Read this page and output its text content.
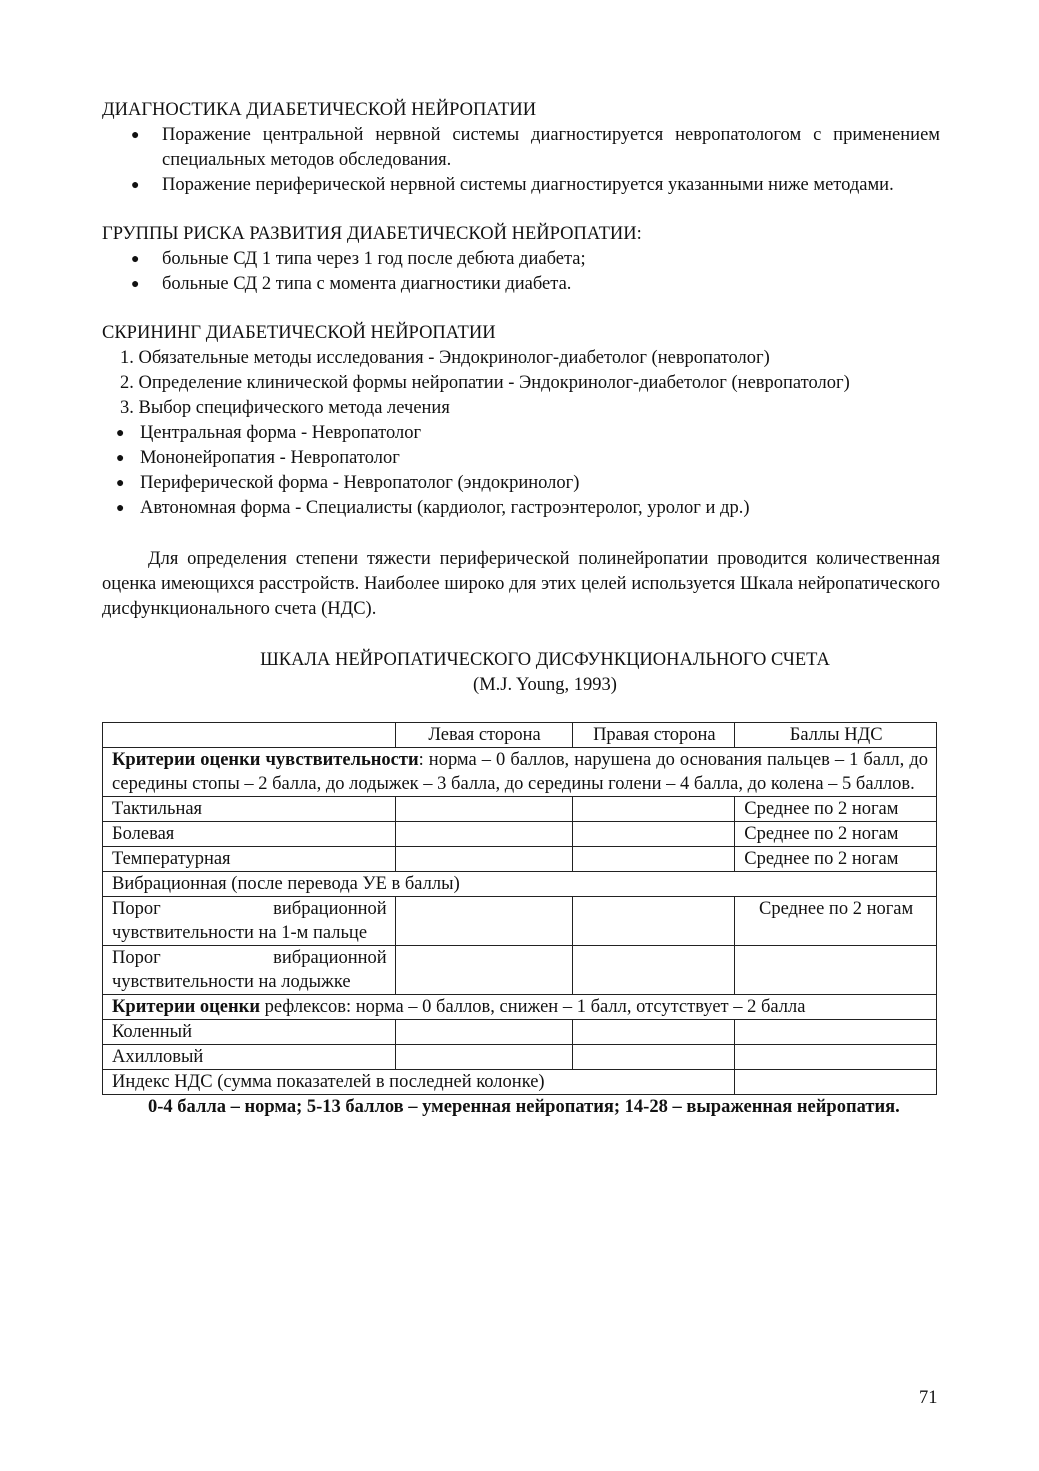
ДИАГНОСТИКА ДИАБЕТИЧЕСКОЙ НЕЙРОПАТИИ

● Поражение центральной нервной системы диагностируется невропатологом с применением специальных методов обследования.
● Поражение периферической нервной системы диагностируется указанными ниже методами.

ГРУППЫ РИСКА РАЗВИТИЯ ДИАБЕТИЧЕСКОЙ НЕЙРОПАТИИ:

● больные СД 1 типа через 1 год после дебюта диабета;
● больные СД 2 типа с момента диагностики диабета.

СКРИНИНГ ДИАБЕТИЧЕСКОЙ НЕЙРОПАТИИ

1. Обязательные методы исследования - Эндокринолог-диабетолог (невропатолог)
2. Определение клинической формы нейропатии - Эндокринолог-диабетолог (невропатолог)
3. Выбор специфического метода лечения
● Центральная форма - Невропатолог
● Мононейропатия - Невропатолог
● Периферической форма - Невропатолог (эндокринолог)
● Автономная форма - Специалисты (кардиолог, гастроэнтеролог, уролог и др.)

Для определения степени тяжести периферической полинейропатии проводится количественная оценка имеющихся расстройств. Наиболее широко для этих целей используется Шкала нейропатического дисфункционального счета (НДС).

ШКАЛА НЕЙРОПАТИЧЕСКОГО ДИСФУНКЦИОНАЛЬНОГО СЧЕТА

(M.J. Young, 1993)

	Левая сторона	Правая сторона	Баллы НДС
Критерии оценки чувствительности: норма – 0 баллов, нарушена до основания пальцев – 1 балл, до середины стопы – 2 балла, до лодыжек – 3 балла, до середины голени – 4 балла, до колена – 5 баллов.			
Тактильная			Среднее по 2 ногам
Болевая			Среднее по 2 ногам
Температурная			Среднее по 2 ногам
Вибрационная (после перевода УЕ в баллы)			
Порог вибрационной чувствительности на 1-м пальце			Среднее по 2 ногам
Порог вибрационной чувствительности на лодыжке			
Критерии оценки рефлексов: норма – 0 баллов, снижен – 1 балл, отсутствует – 2 балла			
Коленный			
Ахилловый			
Индекс НДС (сумма показателей в последней колонке)			

0-4 балла – норма; 5-13 баллов – умеренная нейропатия; 14-28 – выраженная нейропатия.

71
